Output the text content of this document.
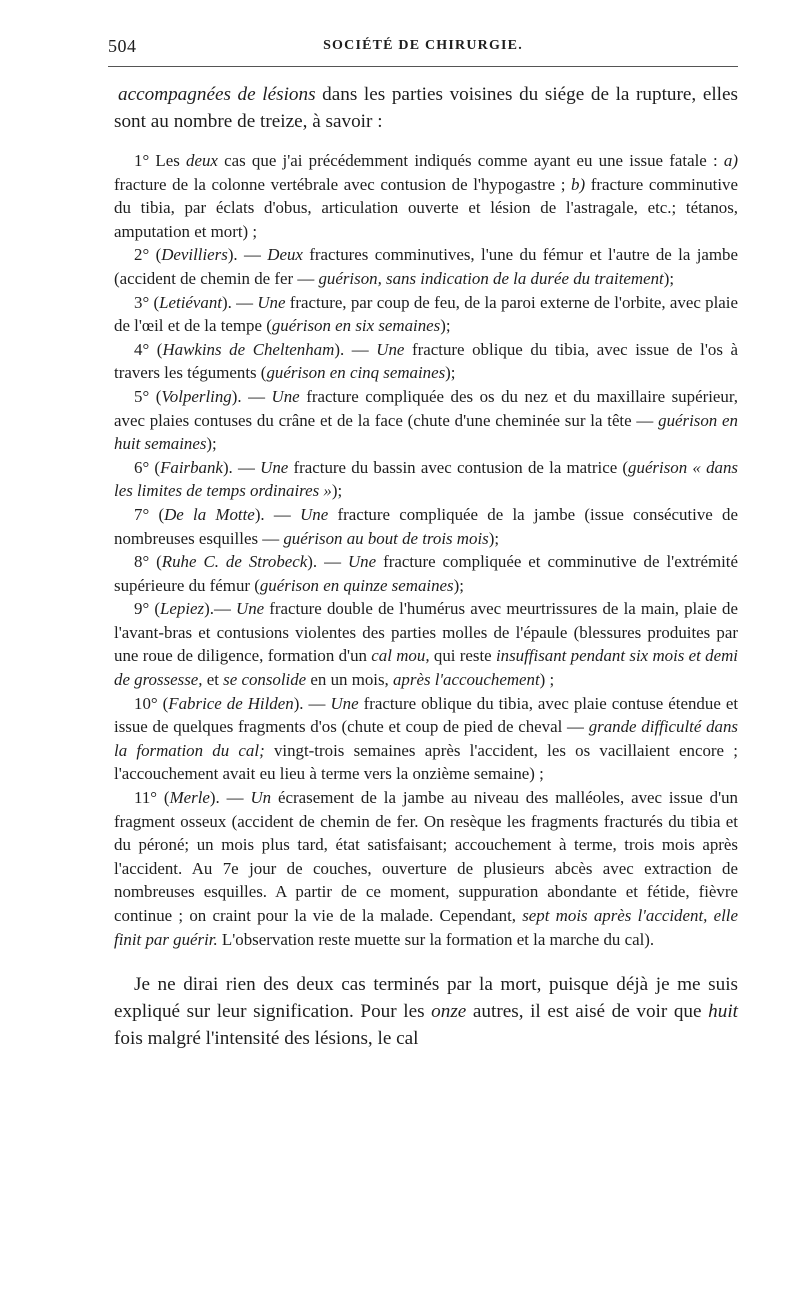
504	SOCIÉTÉ DE CHIRURGIE.

accompagnées de lésions dans les parties voisines du siége de la rupture, elles sont au nombre de treize, à savoir :

1° Les deux cas que j'ai précédemment indiqués comme ayant eu une issue fatale : a) fracture de la colonne vertébrale avec contusion de l'hypogastre ; b) fracture comminutive du tibia, par éclats d'obus, articulation ouverte et lésion de l'astragale, etc.; tétanos, amputation et mort) ;

2° (Devilliers). — Deux fractures comminutives, l'une du fémur et l'autre de la jambe (accident de chemin de fer — guérison, sans indication de la durée du traitement);

3° (Letiévant). — Une fracture, par coup de feu, de la paroi externe de l'orbite, avec plaie de l'œil et de la tempe (guérison en six semaines);

4° (Hawkins de Cheltenham). — Une fracture oblique du tibia, avec issue de l'os à travers les téguments (guérison en cinq semaines);

5° (Volperling). — Une fracture compliquée des os du nez et du maxillaire supérieur, avec plaies contuses du crâne et de la face (chute d'une cheminée sur la tête — guérison en huit semaines);

6° (Fairbank). — Une fracture du bassin avec contusion de la matrice (guérison « dans les limites de temps ordinaires »);

7° (De la Motte). — Une fracture compliquée de la jambe (issue consécutive de nombreuses esquilles — guérison au bout de trois mois);

8° (Ruhe C. de Strobeck). — Une fracture compliquée et comminutive de l'extrémité supérieure du fémur (guérison en quinze semaines);

9° (Lepiez).— Une fracture double de l'humérus avec meurtrissures de la main, plaie de l'avant-bras et contusions violentes des parties molles de l'épaule (blessures produites par une roue de diligence, formation d'un cal mou, qui reste insuffisant pendant six mois et demi de grossesse, et se consolide en un mois, après l'accouchement) ;

10° (Fabrice de Hilden). — Une fracture oblique du tibia, avec plaie contuse étendue et issue de quelques fragments d'os (chute et coup de pied de cheval — grande difficulté dans la formation du cal; vingt-trois semaines après l'accident, les os vacillaient encore ; l'accouchement avait eu lieu à terme vers la onzième semaine) ;

11° (Merle). — Un écrasement de la jambe au niveau des malléoles, avec issue d'un fragment osseux (accident de chemin de fer. On resèque les fragments fracturés du tibia et du péroné; un mois plus tard, état satisfaisant; accouchement à terme, trois mois après l'accident. Au 7e jour de couches, ouverture de plusieurs abcès avec extraction de nombreuses esquilles. A partir de ce moment, suppuration abondante et fétide, fièvre continue ; on craint pour la vie de la malade. Cependant, sept mois après l'accident, elle finit par guérir. L'observation reste muette sur la formation et la marche du cal).

Je ne dirai rien des deux cas terminés par la mort, puisque déjà je me suis expliqué sur leur signification. Pour les onze autres, il est aisé de voir que huit fois malgré l'intensité des lésions, le cal
